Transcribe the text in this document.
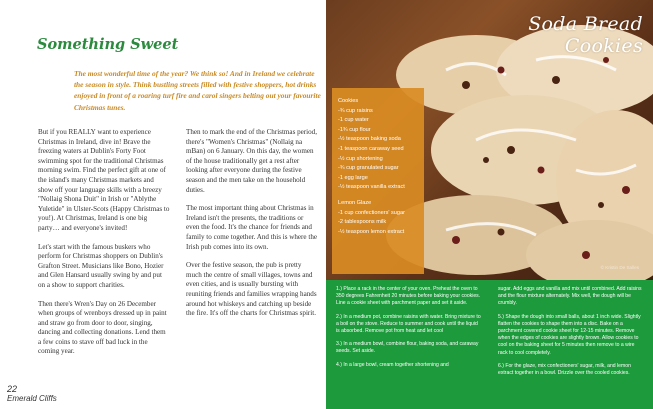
Something Sweet
The most wonderful time of the year? We think so! And in Ireland we celebrate the season in style. Think bustling streets filled with festive shoppers, hot drinks enjoyed in front of a roaring turf fire and carol singers belting out your favourite Christmas tunes.

But if you REALLY want to experience Christmas in Ireland, dive in! Brave the freezing waters at Dublin's Forty Foot swimming spot for the traditional Christmas morning swim. Find the perfect gift at one of the island's many Christmas markets and show off your language skills with a breezy "Nollaig Shona Duit" in Irish or "Ablythe Yuletide" in Ulster-Scots (Happy Christmas to you!). At Christmas, Ireland is one big party… and everyone's invited!

Let's start with the famous buskers who perform for Christmas shoppers on Dublin's Grafton Street. Musicians like Bono, Hozier and Glen Hansard usually swing by and put on a show to support charities.

Then there's Wren's Day on 26 December when groups of wrenboys dressed up in paint and straw go from door to door, singing, dancing and collecting donations. Lend them a few coins to stave off bad luck in the coming year.

Then to mark the end of the Christmas period, there's "Women's Christmas" (Nollaig na mBan) on 6 January. On this day, the women of the house traditionally get a rest after looking after everyone during the festive season and the men take on the household duties.

The most important thing about Christmas in Ireland isn't the presents, the traditions or even the food. It's the chance for friends and family to come together. And this is where the Irish pub comes into its own.

Over the festive season, the pub is pretty much the centre of small villages, towns and even cities, and is usually bursting with reuniting friends and families wrapping hands around hot whiskeys and catching up beside the fire. It's off the charts for Christmas spirit.

22
Emerald Cliffs
Soda Bread
Cookies
Cookies
-¾ cup raisins
-1 cup water
-1¾ cup flour
-½ teaspoon baking soda
-1 teaspoon caraway seed
-½ cup shortening
-¾ cup granulated sugar
-1 egg large
-½ teaspoon vanilla extract
Lemon Glaze
-1 cup confectioners' sugar
-2 tablespoons milk
-½ teaspoon lemon extract
© Kristin De Salles

1.) Place a rack in the center of your oven. Preheat the oven to 350 degrees Fahrenheit 20 minutes before baking your cookies. Line a cookie sheet with parchment paper and set it aside.

2.) In a medium pot, combine raisins with water. Bring mixture to a boil on the stove. Reduce to summer and cook until the liquid is absorbed. Remove pot from heat and let cool

3.) In a medium bowl, combine flour, baking soda, and caraway seeds. Set aside.

4.) In a large bowl, cream together shortening and

sugar. Add eggs and vanilla and mix until combined. Add raisins and the flour mixture alternately. Mix well, the dough will be crumbly.

5.) Shape the dough into small balls, about 1 inch wide. Slightly flatten the cookies to shape them into a disc. Bake on a parchment covered cookie sheet for 12-15 minutes. Remove when the edges of cookies are slightly brown. Allow cookies to cool on the baking sheet for 5 minutes then remove to a wire rack to cool completely.

6.) For the glaze, mix confectioners' sugar, milk, and lemon extract together in a bowl. Drizzle over the cooled cookies.
